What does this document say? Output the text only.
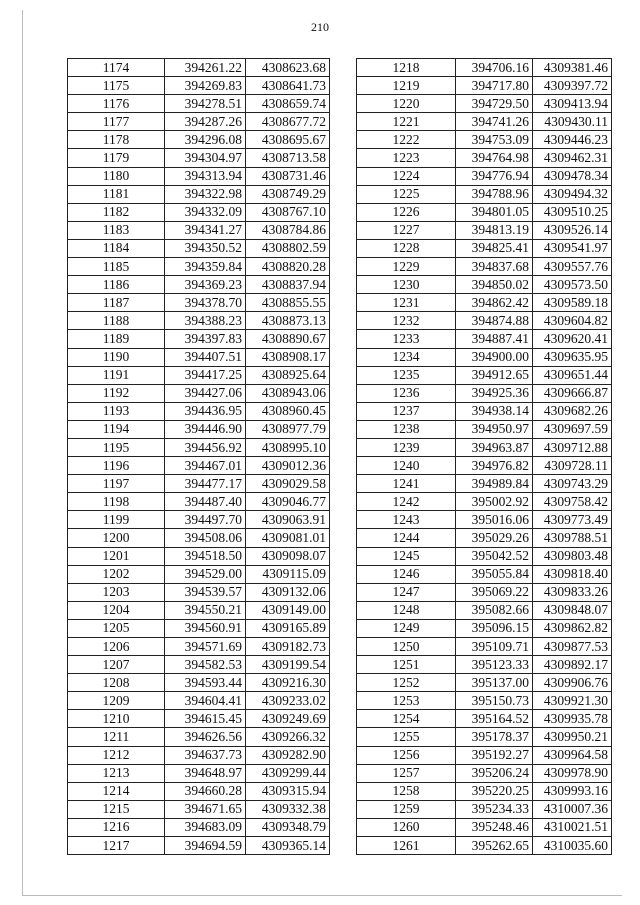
210
1174	394261.22	4308623.68
1175	394269.83	4308641.73
1176	394278.51	4308659.74
1177	394287.26	4308677.72
1178	394296.08	4308695.67
1179	394304.97	4308713.58
1180	394313.94	4308731.46
1181	394322.98	4308749.29
1182	394332.09	4308767.10
1183	394341.27	4308784.86
1184	394350.52	4308802.59
1185	394359.84	4308820.28
1186	394369.23	4308837.94
1187	394378.70	4308855.55
1188	394388.23	4308873.13
1189	394397.83	4308890.67
1190	394407.51	4308908.17
1191	394417.25	4308925.64
1192	394427.06	4308943.06
1193	394436.95	4308960.45
1194	394446.90	4308977.79
1195	394456.92	4308995.10
1196	394467.01	4309012.36
1197	394477.17	4309029.58
1198	394487.40	4309046.77
1199	394497.70	4309063.91
1200	394508.06	4309081.01
1201	394518.50	4309098.07
1202	394529.00	4309115.09
1203	394539.57	4309132.06
1204	394550.21	4309149.00
1205	394560.91	4309165.89
1206	394571.69	4309182.73
1207	394582.53	4309199.54
1208	394593.44	4309216.30
1209	394604.41	4309233.02
1210	394615.45	4309249.69
1211	394626.56	4309266.32
1212	394637.73	4309282.90
1213	394648.97	4309299.44
1214	394660.28	4309315.94
1215	394671.65	4309332.38
1216	394683.09	4309348.79
1217	394694.59	4309365.14
1218	394706.16	4309381.46
1219	394717.80	4309397.72
1220	394729.50	4309413.94
1221	394741.26	4309430.11
1222	394753.09	4309446.23
1223	394764.98	4309462.31
1224	394776.94	4309478.34
1225	394788.96	4309494.32
1226	394801.05	4309510.25
1227	394813.19	4309526.14
1228	394825.41	4309541.97
1229	394837.68	4309557.76
1230	394850.02	4309573.50
1231	394862.42	4309589.18
1232	394874.88	4309604.82
1233	394887.41	4309620.41
1234	394900.00	4309635.95
1235	394912.65	4309651.44
1236	394925.36	4309666.87
1237	394938.14	4309682.26
1238	394950.97	4309697.59
1239	394963.87	4309712.88
1240	394976.82	4309728.11
1241	394989.84	4309743.29
1242	395002.92	4309758.42
1243	395016.06	4309773.49
1244	395029.26	4309788.51
1245	395042.52	4309803.48
1246	395055.84	4309818.40
1247	395069.22	4309833.26
1248	395082.66	4309848.07
1249	395096.15	4309862.82
1250	395109.71	4309877.53
1251	395123.33	4309892.17
1252	395137.00	4309906.76
1253	395150.73	4309921.30
1254	395164.52	4309935.78
1255	395178.37	4309950.21
1256	395192.27	4309964.58
1257	395206.24	4309978.90
1258	395220.25	4309993.16
1259	395234.33	4310007.36
1260	395248.46	4310021.51
1261	395262.65	4310035.60
